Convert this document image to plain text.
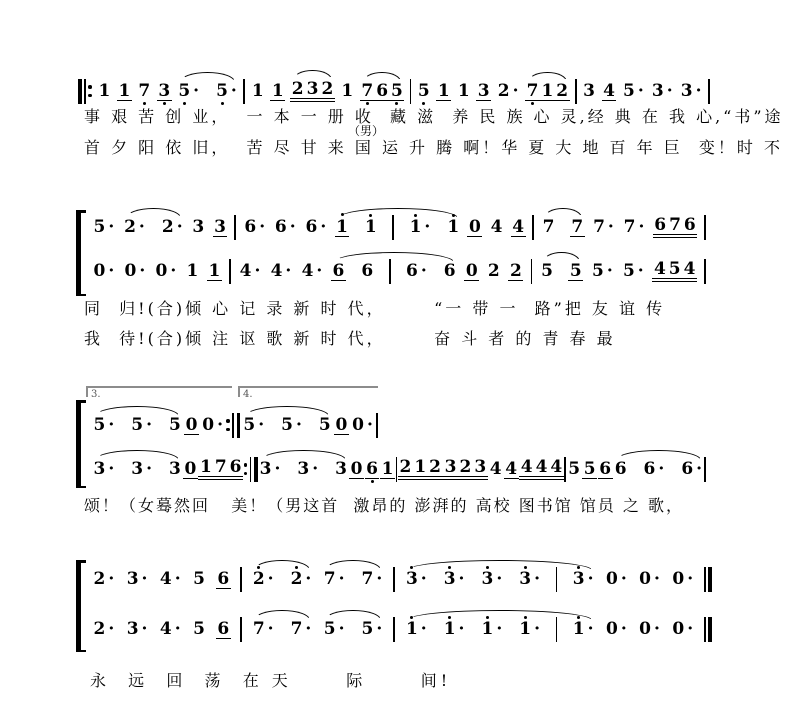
1 1 7 3 5 · 5 · 1 1 2 3 2 1 7 6 5 5 1 1 3 2 · 7 1 2 3 4 5 · 3 · 3 ·
事 艰 苦 创 业，  一 本 一 册 收  藏 滋  养 民 族 心 灵,经 典 在 我 心,“书”途
首 夕 阳 依 旧，  苦 尽 甘 来 国 运 升 腾 啊！华 夏 大 地 百 年 巨  变！时 不
（男）
5 · 2 · 2 · 3 3 6 · 6 · 6 · 1 1 1 · 1 0 4 4 7 7 7 · 7 · 6 7 6
0 · 0 · 0 · 1 1 4 · 4 · 4 · 6 6 6 · 6 0 2 2 5 5 5 · 5 · 4 5 4
同  归!(合)倾 心 记 录 新 时 代，      “一 带 一  路”把 友 谊 传
我  待!(合)倾 注 讴 歌 新 时 代，      奋 斗 者 的 青 春 最
3.	4.
5 · 5 · 5 0 0 · 5 · 5 · 5 0 0 ·
3 · 3 · 3 0 1 7 6 3 · 3 · 3 0 6 1 2 1 2 3 2 3 4 4 4 4 4 5 5 6 6 6 · 6 ·
颂！（女蓦然回   美！（男这首  激昂的 澎湃的 高校 图书馆 馆员 之 歌，
2 · 3 · 4 · 5 6 2 · 2 · 7 · 7 · 3 · 3 · 3 · 3 · 3 · 0 · 0 · 0 ·
2 · 3 · 4 · 5 6 7 · 7 · 5 · 5 · 1 · 1 · 1 · 1 · 1 · 0 · 0 · 0 ·
永  远  回  荡  在 天      际      间!
